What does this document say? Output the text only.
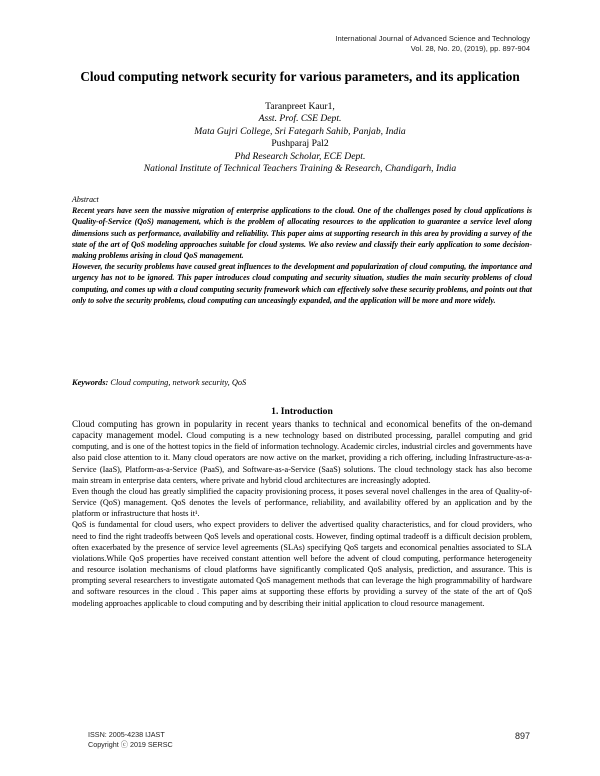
International Journal of Advanced Science and Technology
Vol. 28, No. 20, (2019), pp. 897-904
Cloud computing network security for various parameters, and its application
Taranpreet Kaur1,
Asst. Prof. CSE Dept.
Mata Gujri College, Sri Fategarh Sahib, Panjab, India
Pushparaj Pal2
Phd Research Scholar, ECE Dept.
National Institute of Technical Teachers Training & Research, Chandigarh, India
Abstract

Recent years have seen the massive migration of enterprise applications to the cloud. One of the challenges posed by cloud applications is Quality-of-Service (QoS) management, which is the problem of allocating resources to the application to guarantee a service level along dimensions such as performance, availability and reliability. This paper aims at supporting research in this area by providing a survey of the state of the art of QoS modeling approaches suitable for cloud systems. We also review and classify their early application to some decision-making problems arising in cloud QoS management.

However, the security problems have caused great influences to the development and popularization of cloud computing, the importance and urgency has not to be ignored. This paper introduces cloud computing and security situation, studies the main security problems of cloud computing, and comes up with a cloud computing security framework which can effectively solve these security problems, and points out that only to solve the security problems, cloud computing can unceasingly expanded, and the application will be more and more widely.

Keywords: Cloud computing, network security, QoS
1. Introduction

Cloud computing has grown in popularity in recent years thanks to technical and economical benefits of the on-demand capacity management model. Cloud computing is a new technology based on distributed processing, parallel computing and grid computing, and is one of the hottest topics in the field of information technology. Academic circles, industrial circles and governments have also paid close attention to it. Many cloud operators are now active on the market, providing a rich offering, including Infrastructure-as-a-Service (IaaS), Platform-as-a-Service (PaaS), and Software-as-a-Service (SaaS) solutions. The cloud technology stack has also become main stream in enterprise data centers, where private and hybrid cloud architectures are increasingly adopted.

Even though the cloud has greatly simplified the capacity provisioning process, it poses several novel challenges in the area of Quality-of-Service (QoS) management. QoS denotes the levels of performance, reliability, and availability offered by an application and by the platform or infrastructure that hosts it¹.

QoS is fundamental for cloud users, who expect providers to deliver the advertised quality characteristics, and for cloud providers, who need to find the right tradeoffs between QoS levels and operational costs. However, finding optimal tradeoff is a difficult decision problem, often exacerbated by the presence of service level agreements (SLAs) specifying QoS targets and economical penalties associated to SLA violations.While QoS properties have received constant attention well before the advent of cloud computing, performance heterogeneity and resource isolation mechanisms of cloud platforms have significantly complicated QoS analysis, prediction, and assurance. This is prompting several researchers to investigate automated QoS management methods that can leverage the high programmability of hardware and software resources in the cloud . This paper aims at supporting these efforts by providing a survey of the state of the art of QoS modeling approaches applicable to cloud computing and by describing their initial application to cloud resource management.

ISSN: 2005-4238 IJAST
Copyright ⓒ 2019 SERSC
897
